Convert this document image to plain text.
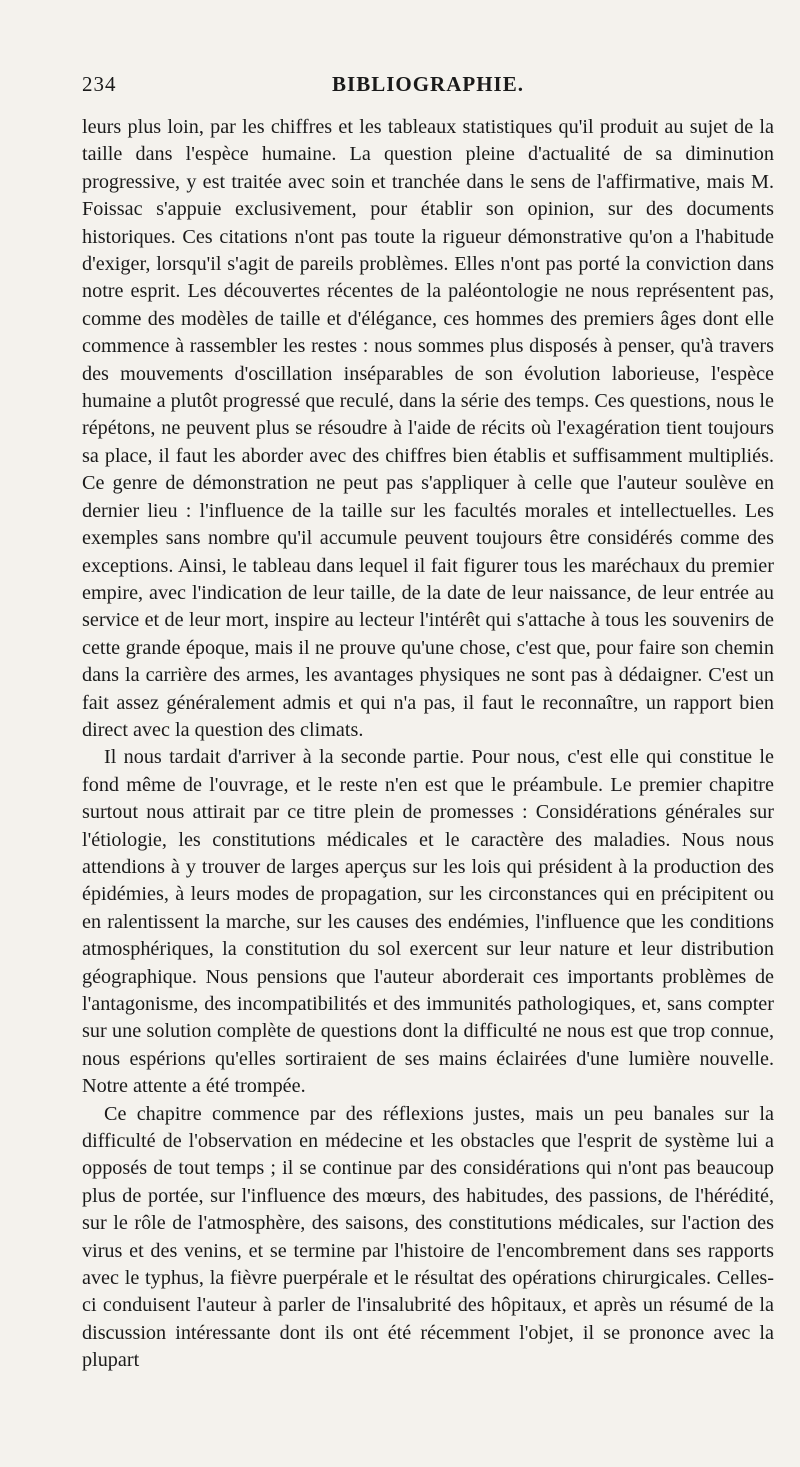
234	BIBLIOGRAPHIE.

leurs plus loin, par les chiffres et les tableaux statistiques qu'il produit au sujet de la taille dans l'espèce humaine. La question pleine d'actualité de sa diminution progressive, y est traitée avec soin et tranchée dans le sens de l'affirmative, mais M. Foissac s'appuie exclusivement, pour établir son opinion, sur des documents historiques. Ces citations n'ont pas toute la rigueur démonstrative qu'on a l'habitude d'exiger, lorsqu'il s'agit de pareils problèmes. Elles n'ont pas porté la conviction dans notre esprit. Les découvertes récentes de la paléontologie ne nous représentent pas, comme des modèles de taille et d'élégance, ces hommes des premiers âges dont elle commence à rassembler les restes : nous sommes plus disposés à penser, qu'à travers des mouvements d'oscillation inséparables de son évolution laborieuse, l'espèce humaine a plutôt progressé que reculé, dans la série des temps. Ces questions, nous le répétons, ne peuvent plus se résoudre à l'aide de récits où l'exagération tient toujours sa place, il faut les aborder avec des chiffres bien établis et suffisamment multipliés. Ce genre de démonstration ne peut pas s'appliquer à celle que l'auteur soulève en dernier lieu : l'influence de la taille sur les facultés morales et intellectuelles. Les exemples sans nombre qu'il accumule peuvent toujours être considérés comme des exceptions. Ainsi, le tableau dans lequel il fait figurer tous les maréchaux du premier empire, avec l'indication de leur taille, de la date de leur naissance, de leur entrée au service et de leur mort, inspire au lecteur l'intérêt qui s'attache à tous les souvenirs de cette grande époque, mais il ne prouve qu'une chose, c'est que, pour faire son chemin dans la carrière des armes, les avantages physiques ne sont pas à dédaigner. C'est un fait assez généralement admis et qui n'a pas, il faut le reconnaître, un rapport bien direct avec la question des climats.

Il nous tardait d'arriver à la seconde partie. Pour nous, c'est elle qui constitue le fond même de l'ouvrage, et le reste n'en est que le préambule. Le premier chapitre surtout nous attirait par ce titre plein de promesses : Considérations générales sur l'étiologie, les constitutions médicales et le caractère des maladies. Nous nous attendions à y trouver de larges aperçus sur les lois qui président à la production des épidémies, à leurs modes de propagation, sur les circonstances qui en précipitent ou en ralentissent la marche, sur les causes des endémies, l'influence que les conditions atmosphériques, la constitution du sol exercent sur leur nature et leur distribution géographique. Nous pensions que l'auteur aborderait ces importants problèmes de l'antagonisme, des incompatibilités et des immunités pathologiques, et, sans compter sur une solution complète de questions dont la difficulté ne nous est que trop connue, nous espérions qu'elles sortiraient de ses mains éclairées d'une lumière nouvelle. Notre attente a été trompée.

Ce chapitre commence par des réflexions justes, mais un peu banales sur la difficulté de l'observation en médecine et les obstacles que l'esprit de système lui a opposés de tout temps ; il se continue par des considérations qui n'ont pas beaucoup plus de portée, sur l'influence des mœurs, des habitudes, des passions, de l'hérédité, sur le rôle de l'atmosphère, des saisons, des constitutions médicales, sur l'action des virus et des venins, et se termine par l'histoire de l'encombrement dans ses rapports avec le typhus, la fièvre puerpérale et le résultat des opérations chirurgicales. Celles-ci conduisent l'auteur à parler de l'insalubrité des hôpitaux, et après un résumé de la discussion intéressante dont ils ont été récemment l'objet, il se prononce avec la plupart
